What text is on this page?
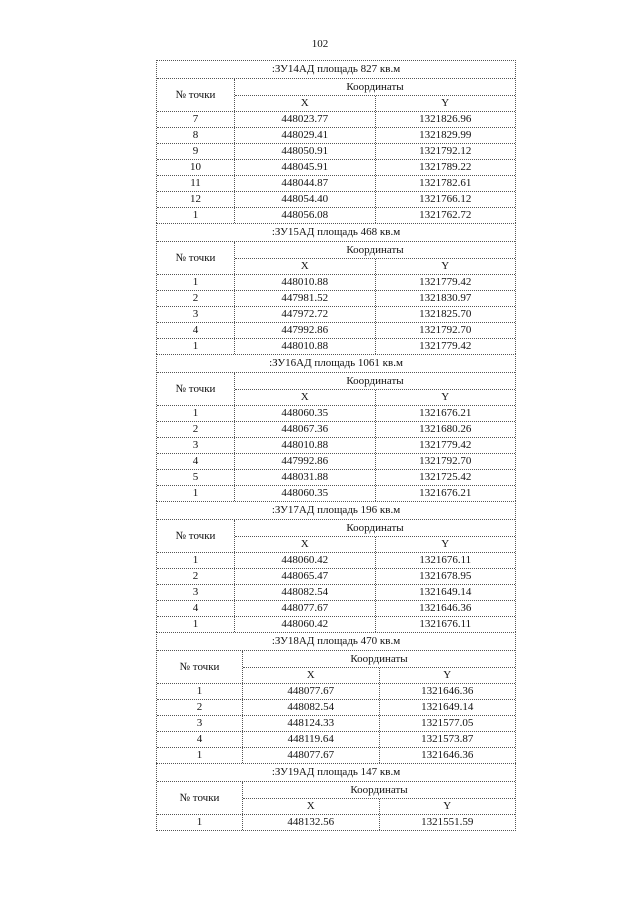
102
:ЗУ14АД площадь 827 кв.м
№ точки
Координаты
X	Y
7	448023.77	1321826.96
8	448029.41	1321829.99
9	448050.91	1321792.12
10	448045.91	1321789.22
11	448044.87	1321782.61
12	448054.40	1321766.12
1	448056.08	1321762.72
:ЗУ15АД площадь 468 кв.м
№ точки
Координаты
X	Y
1	448010.88	1321779.42
2	447981.52	1321830.97
3	447972.72	1321825.70
4	447992.86	1321792.70
1	448010.88	1321779.42
:ЗУ16АД площадь 1061 кв.м
№ точки
Координаты
X	Y
1	448060.35	1321676.21
2	448067.36	1321680.26
3	448010.88	1321779.42
4	447992.86	1321792.70
5	448031.88	1321725.42
1	448060.35	1321676.21
:ЗУ17АД площадь 196 кв.м
№ точки
Координаты
X	Y
1	448060.42	1321676.11
2	448065.47	1321678.95
3	448082.54	1321649.14
4	448077.67	1321646.36
1	448060.42	1321676.11
:ЗУ18АД площадь 470 кв.м
№ точки
Координаты
X	Y
1	448077.67	1321646.36
2	448082.54	1321649.14
3	448124.33	1321577.05
4	448119.64	1321573.87
1	448077.67	1321646.36
:ЗУ19АД площадь 147 кв.м
№ точки
Координаты
X	Y
1	448132.56	1321551.59
